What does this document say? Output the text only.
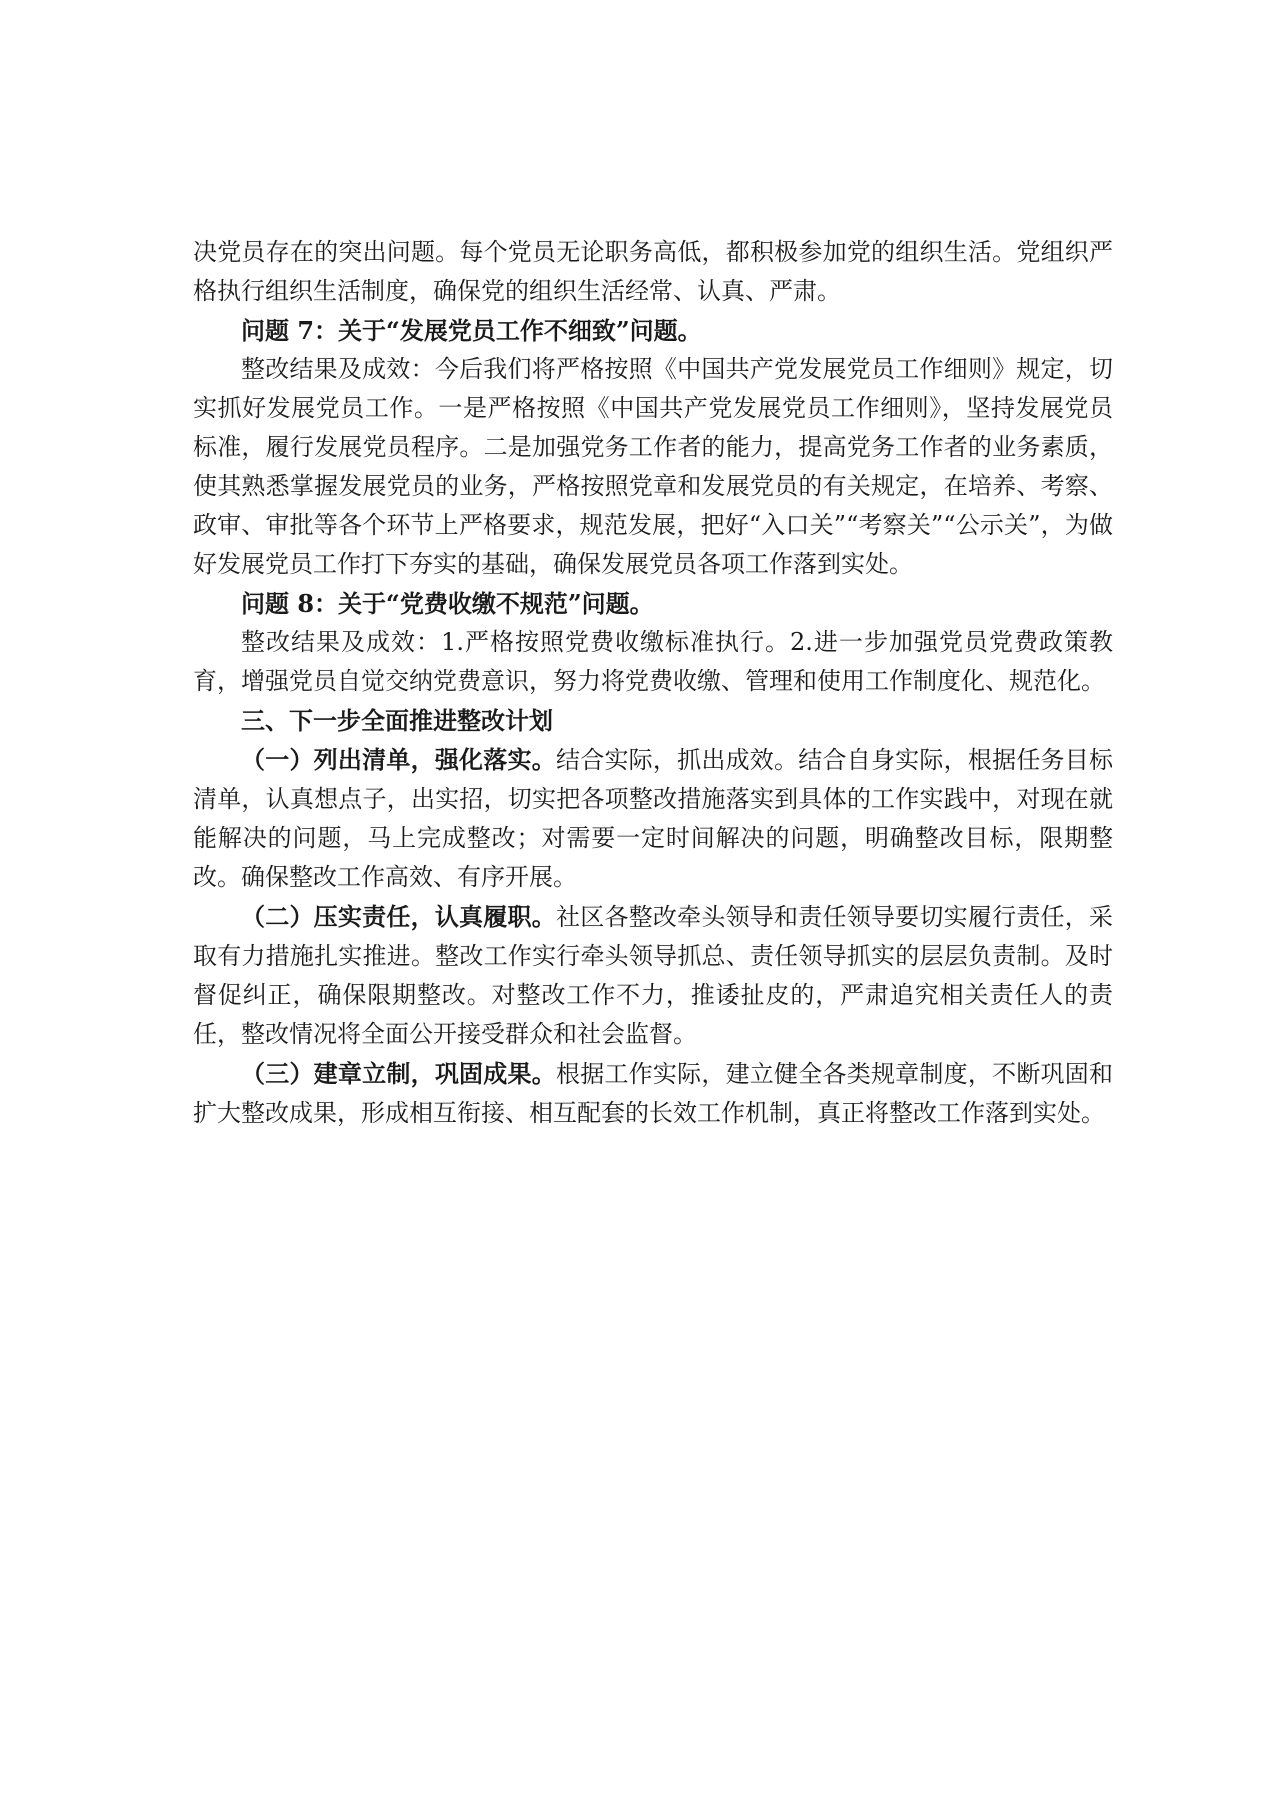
决党员存在的突出问题。每个党员无论职务高低，都积极参加党的组织生活。党组织严格执行组织生活制度，确保党的组织生活经常、认真、严肃。

问题 7：关于“发展党员工作不细致”问题。

整改结果及成效：今后我们将严格按照《中国共产党发展党员工作细则》规定，切实抓好发展党员工作。一是严格按照《中国共产党发展党员工作细则》，坚持发展党员标准，履行发展党员程序。二是加强党务工作者的能力，提高党务工作者的业务素质，使其熟悉掌握发展党员的业务，严格按照党章和发展党员的有关规定，在培养、考察、政审、审批等各个环节上严格要求，规范发展，把好“入口关”“考察关”“公示关”，为做好发展党员工作打下夯实的基础，确保发展党员各项工作落到实处。

问题 8：关于“党费收缴不规范”问题。

整改结果及成效：1.严格按照党费收缴标准执行。2.进一步加强党员党费政策教育，增强党员自觉交纳党费意识，努力将党费收缴、管理和使用工作制度化、规范化。

三、下一步全面推进整改计划

（一）列出清单，强化落实。结合实际，抓出成效。结合自身实际，根据任务目标清单，认真想点子，出实招，切实把各项整改措施落实到具体的工作实践中，对现在就能解决的问题，马上完成整改；对需要一定时间解决的问题，明确整改目标，限期整改。确保整改工作高效、有序开展。

（二）压实责任，认真履职。社区各整改牵头领导和责任领导要切实履行责任，采取有力措施扎实推进。整改工作实行牵头领导抓总、责任领导抓实的层层负责制。及时督促纠正，确保限期整改。对整改工作不力，推诿扯皮的，严肃追究相关责任人的责任，整改情况将全面公开接受群众和社会监督。

（三）建章立制，巩固成果。根据工作实际，建立健全各类规章制度，不断巩固和扩大整改成果，形成相互衔接、相互配套的长效工作机制，真正将整改工作落到实处。
